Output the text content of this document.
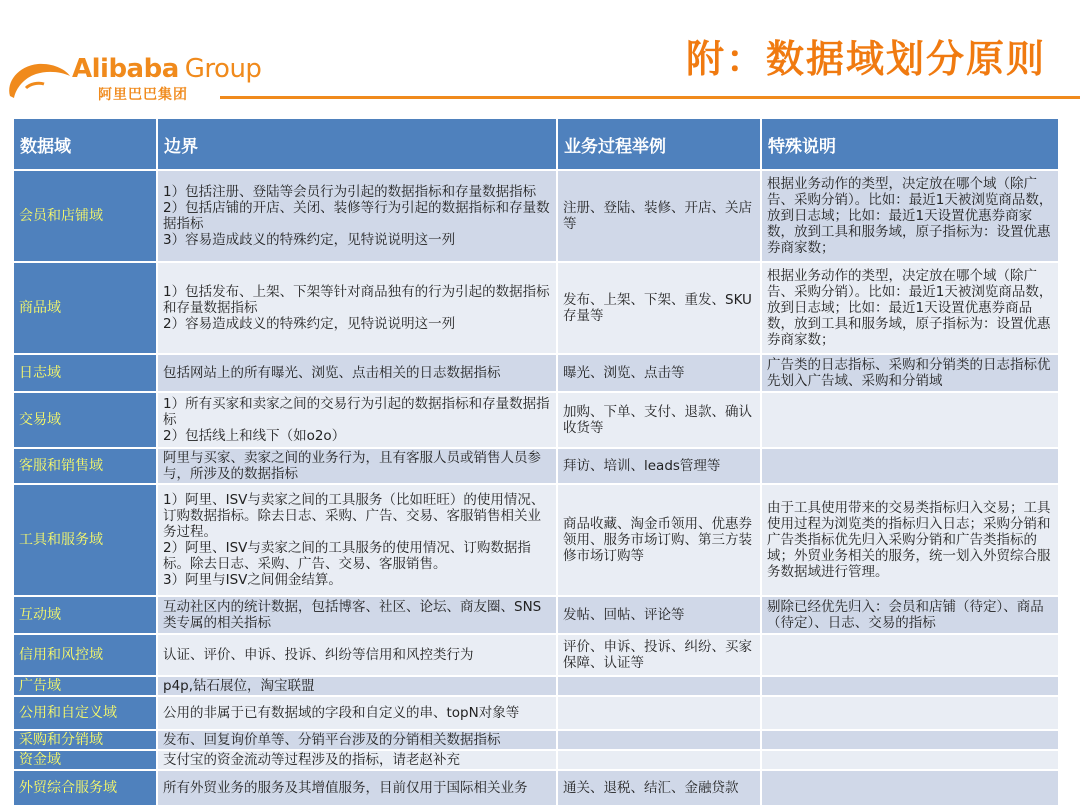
Alibaba Group
阿里巴巴集团
附：数据域划分原则
数据域	边界	业务过程举例	特殊说明
会员和店铺域	1）包括注册、登陆等会员行为引起的数据指标和存量数据指标
2）包括店铺的开店、关闭、装修等行为引起的数据指标和存量数据指标
3）容易造成歧义的特殊约定，见特说说明这一列	注册、登陆、装修、开店、关店等	根据业务动作的类型，决定放在哪个域（除广告、采购分销）。比如：最近1天被浏览商品数，放到日志域；比如：最近1天设置优惠券商家数，放到工具和服务域，原子指标为：设置优惠券商家数；
商品域	1）包括发布、上架、下架等针对商品独有的行为引起的数据指标和存量数据指标
2）容易造成歧义的特殊约定，见特说说明这一列	发布、上架、下架、重发、SKU存量等	根据业务动作的类型，决定放在哪个域（除广告、采购分销）。比如：最近1天被浏览商品数，放到日志域；比如：最近1天设置优惠券商品数，放到工具和服务域，原子指标为：设置优惠券商家数；
日志域	包括网站上的所有曝光、浏览、点击相关的日志数据指标	曝光、浏览、点击等	广告类的日志指标、采购和分销类的日志指标优先划入广告域、采购和分销域
交易域	1）所有买家和卖家之间的交易行为引起的数据指标和存量数据指标
2）包括线上和线下（如o2o）	加购、下单、支付、退款、确认收货等	
客服和销售域	阿里与买家、卖家之间的业务行为，且有客服人员或销售人员参与，所涉及的数据指标	拜访、培训、leads管理等	
工具和服务域	1）阿里、ISV与卖家之间的工具服务（比如旺旺）的使用情况、订购数据指标。除去日志、采购、广告、交易、客服销售相关业务过程。
2）阿里、ISV与卖家之间的工具服务的使用情况、订购数据指标。除去日志、采购、广告、交易、客服销售。
3）阿里与ISV之间佣金结算。	商品收藏、淘金币领用、优惠券领用、服务市场订购、第三方装修市场订购等	由于工具使用带来的交易类指标归入交易；工具使用过程为浏览类的指标归入日志；采购分销和广告类指标优先归入采购分销和广告类指标的域；外贸业务相关的服务，统一划入外贸综合服务数据域进行管理。
互动域	互动社区内的统计数据，包括博客、社区、论坛、商友圈、SNS类专属的相关指标	发帖、回帖、评论等	剔除已经优先归入：会员和店铺（待定）、商品（待定）、日志、交易的指标
信用和风控域	认证、评价、申诉、投诉、纠纷等信用和风控类行为	评价、申诉、投诉、纠纷、买家保障、认证等	
广告域	p4p,钻石展位，淘宝联盟		
公用和自定义域	公用的非属于已有数据域的字段和自定义的串、topN对象等		
采购和分销域	发布、回复询价单等、分销平台涉及的分销相关数据指标		
资金域	支付宝的资金流动等过程涉及的指标，请老赵补充		
外贸综合服务域	所有外贸业务的服务及其增值服务，目前仅用于国际相关业务	通关、退税、结汇、金融贷款	
